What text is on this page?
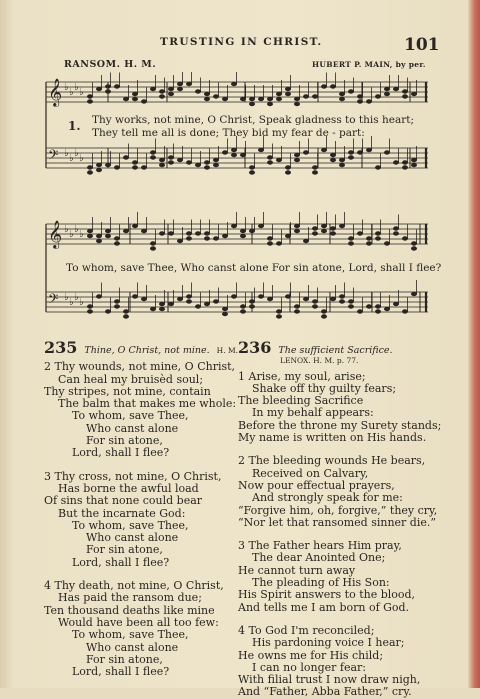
TRUSTING IN CHRIST.	101
RANSOM. H. M.	HUBERT P. MAIN, by per.
𝄞 ♭ ♭ ♭ ♭
𝄢 ♭ ♭ ♭ ♭
1. Thy works, not mine, O Christ, Speak gladness to this heart;
They tell me all is done; They bid my fear de - part:
𝄞 ♭ ♭ ♭ ♭
𝄢 ♭ ♭ ♭ ♭
To whom, save Thee, Who canst alone For sin atone, Lord, shall I flee?
235 Thine, O Christ, not mine. H. M.
2 Thy wounds, not mine, O Christ,
Can heal my bruisèd soul;
Thy stripes, not mine, contain
The balm that makes me whole:
To whom, save Thee,
Who canst alone
For sin atone,
Lord, shall I flee?
3 Thy cross, not mine, O Christ,
Has borne the awful load
Of sins that none could bear
But the incarnate God:
To whom, save Thee,
Who canst alone
For sin atone,
Lord, shall I flee?
4 Thy death, not mine, O Christ,
Has paid the ransom due;
Ten thousand deaths like mine
Would have been all too few:
To whom, save Thee,
Who canst alone
For sin atone,
Lord, shall I flee?
236 The sufficient Sacrifice.
LENOX. H. M. p. 77.
1 Arise, my soul, arise;
Shake off thy guilty fears;
The bleeding Sacrifice
In my behalf appears:
Before the throne my Surety stands;
My name is written on His hands.
2 The bleeding wounds He bears,
Received on Calvary,
Now pour effectual prayers,
And strongly speak for me:
“Forgive him, oh, forgive,” they cry,
“Nor let that ransomed sinner die.”
3 The Father hears Him pray,
The dear Anointed One;
He cannot turn away
The pleading of His Son:
His Spirit answers to the blood,
And tells me I am born of God.
4 To God I'm reconciled;
His pardoning voice I hear;
He owns me for His child;
I can no longer fear:
With filial trust I now draw nigh,
And “Father, Abba Father,” cry.
